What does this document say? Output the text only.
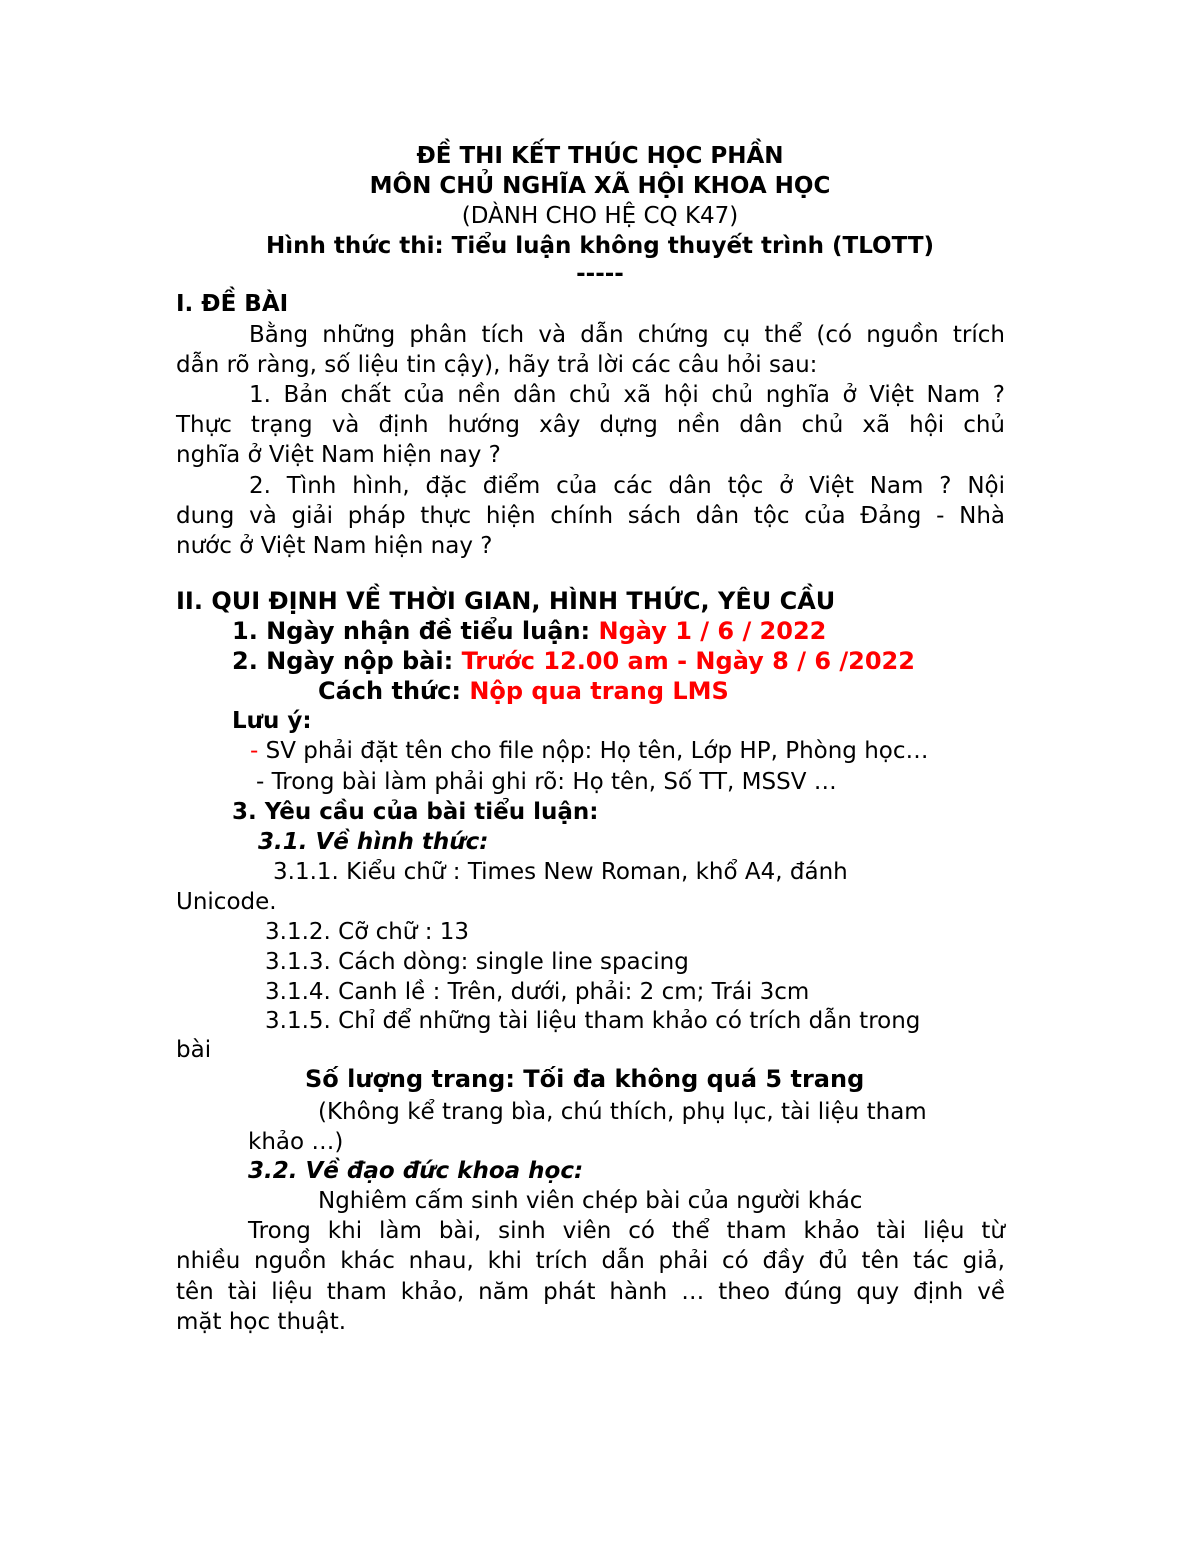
ĐỀ THI KẾT THÚC HỌC PHẦN
MÔN CHỦ NGHĨA XÃ HỘI KHOA HỌC
(DÀNH CHO HỆ CQ K47)
Hình thức thi: Tiểu luận không thuyết trình (TLOTT)
-----
I. ĐỀ BÀI
Bằng những phân tích và dẫn chứng cụ thể (có nguồn trích
dẫn rõ ràng, số liệu tin cậy), hãy trả lời các câu hỏi sau:
1. Bản chất của nền dân chủ xã hội chủ nghĩa ở Việt Nam ?
Thực trạng và định hướng xây dựng nền dân chủ xã hội chủ
nghĩa ở Việt Nam hiện nay ?
2. Tình hình, đặc điểm của các dân tộc ở Việt Nam ? Nội
dung và giải pháp thực hiện chính sách dân tộc của Đảng - Nhà
nước ở Việt Nam hiện nay ?
II. QUI ĐỊNH VỀ THỜI GIAN, HÌNH THỨC, YÊU CẦU
1. Ngày nhận đề tiểu luận: Ngày 1 / 6 / 2022
2. Ngày nộp bài: Trước 12.00 am - Ngày 8 / 6 /2022
Cách thức: Nộp qua trang LMS
Lưu ý:
- SV phải đặt tên cho file nộp: Họ tên, Lớp HP, Phòng học…
- Trong bài làm phải ghi rõ: Họ tên, Số TT, MSSV …
3. Yêu cầu của bài tiểu luận:
3.1. Về hình thức:
3.1.1. Kiểu chữ : Times New Roman, khổ A4, đánh
Unicode.
3.1.2. Cỡ chữ : 13
3.1.3. Cách dòng: single line spacing
3.1.4. Canh lề : Trên, dưới, phải: 2 cm; Trái 3cm
3.1.5. Chỉ để những tài liệu tham khảo có trích dẫn trong
bài
Số lượng trang: Tối đa không quá 5 trang
(Không kể trang bìa, chú thích, phụ lục, tài liệu tham
khảo …)
3.2. Về đạo đức khoa học:
Nghiêm cấm sinh viên chép bài của người khác
Trong khi làm bài, sinh viên có thể tham khảo tài liệu từ
nhiều nguồn khác nhau, khi trích dẫn phải có đầy đủ tên tác giả,
tên tài liệu tham khảo, năm phát hành … theo đúng quy định về
mặt học thuật.
